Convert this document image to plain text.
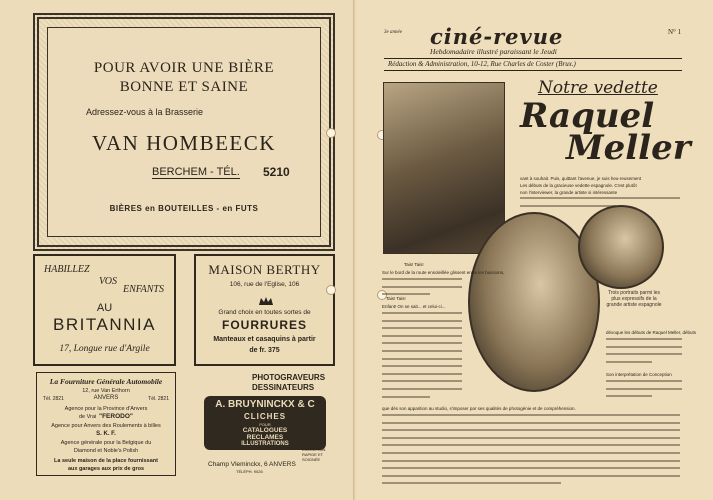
POUR AVOIR UNE BIÈRE
BONNE ET SAINE
Adressez-vous à la Brasserie
VAN HOMBEECK
BERCHEM - TÉL. 5210
BIÈRES en BOUTEILLES - en FUTS
HABILLEZ
VOS
ENFANTS
AU
BRITANNIA
17, Longue rue d'Argile
MAISON BERTHY
106, rue de l'Eglise, 106
Grand choix en toutes sortes de
FOURRURES
Manteaux et casaquins à partir
de fr. 375
La Fourniture Générale Automobile
12, rue Van Erthorn
Tél. 2821	ANVERS	Tél. 2821
Agence pour la Province d'Anvers
de Vrai "FERODO"
Agence pour Anvers des Roulements à billes
S. K. F.
Agence générale pour la Belgique du
Diamond et Noble's Polish
La seule maison de la place fournissant
aux garages aux prix de gros
PHOTOGRAVEURS
DESSINATEURS
A. BRUYNINCKX & C
CLICHES
POUR
CATALOGUES
RECLAMES
ILLUSTRATIONS
EXÉCUTION
RAPIDE ET
SOIGNÉE
Champ Vleminckx, 6 ANVERS
TÉLÉPH. 9026
3e année	N° 1
ciné-revue
Hebdomadaire illustré paraissant le Jeudi
Rédaction & Administration, 10-12, Rue Charles de Coster (Brux.)
Notre vedette
Raquel
Meller
vant à souhait. Puis, quittant l'avenue, je suis heu-reusement
Les débuts de la gracieuse vedette espagnole. C'est plutôt
non l'interviewer, la grande artiste si intéressante
Tais! Tais!
Sur le bord de la route ensoleillée glissent entre les buissons,
Tais! Tais!
Enfant! On se sait... et celui-ci...
Trois portraits parmi les plus expressifs de la grande artiste espagnole
dévoque les débuts de Raquel Meller, débuts
Son interprétation de Conception
que dès son apparition au studio, s'imposer par ses qualités de photogénie et de compréhension.
